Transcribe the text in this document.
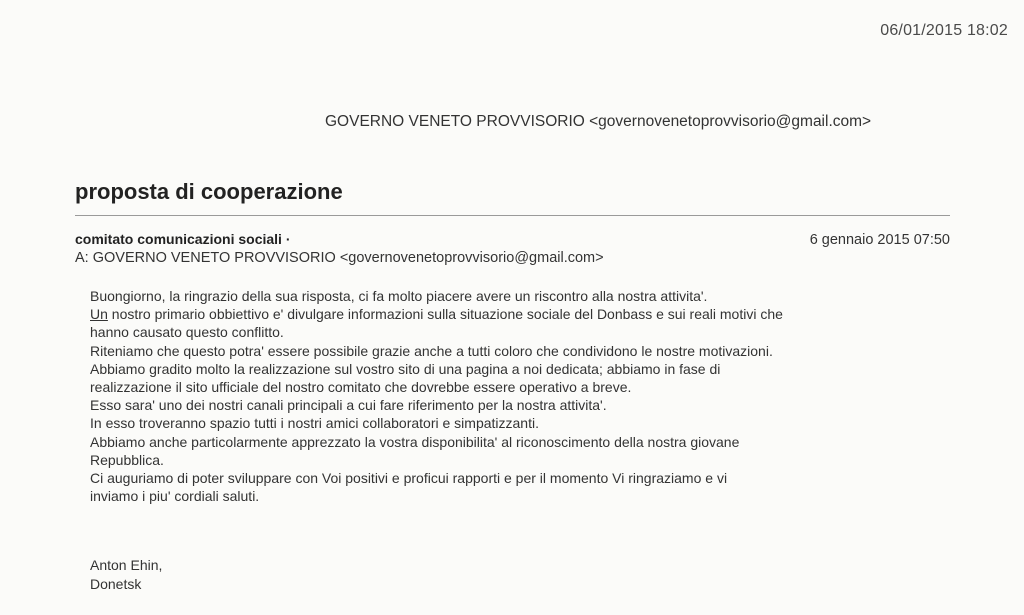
06/01/2015 18:02
GOVERNO VENETO PROVVISORIO <governovenetoprovvisorio@gmail.com>
proposta di cooperazione
comitato comunicazioni sociali ·	6 gennaio 2015 07:50
A: GOVERNO VENETO PROVVISORIO <governovenetoprovvisorio@gmail.com>
Buongiorno, la ringrazio della sua risposta, ci fa molto piacere avere un riscontro alla nostra attivita'.
Un nostro primario obbiettivo e' divulgare informazioni sulla situazione sociale del Donbass e sui reali motivi che
hanno causato questo conflitto.
Riteniamo che questo potra' essere possibile grazie anche a tutti coloro che condividono le nostre motivazioni.
Abbiamo gradito molto la realizzazione sul vostro sito di una pagina a noi dedicata; abbiamo in fase di
realizzazione il sito ufficiale del nostro comitato che dovrebbe essere operativo a breve.
Esso sara' uno dei nostri canali principali a cui fare riferimento per la nostra attivita'.
In esso troveranno spazio tutti i nostri amici collaboratori e simpatizzanti.
Abbiamo anche particolarmente apprezzato la vostra disponibilita' al riconoscimento della nostra giovane
Repubblica.
Ci auguriamo di poter sviluppare con Voi positivi e proficui rapporti e per il momento Vi ringraziamo e vi
inviamo i piu' cordiali saluti.
Anton Ehin,
Donetsk
